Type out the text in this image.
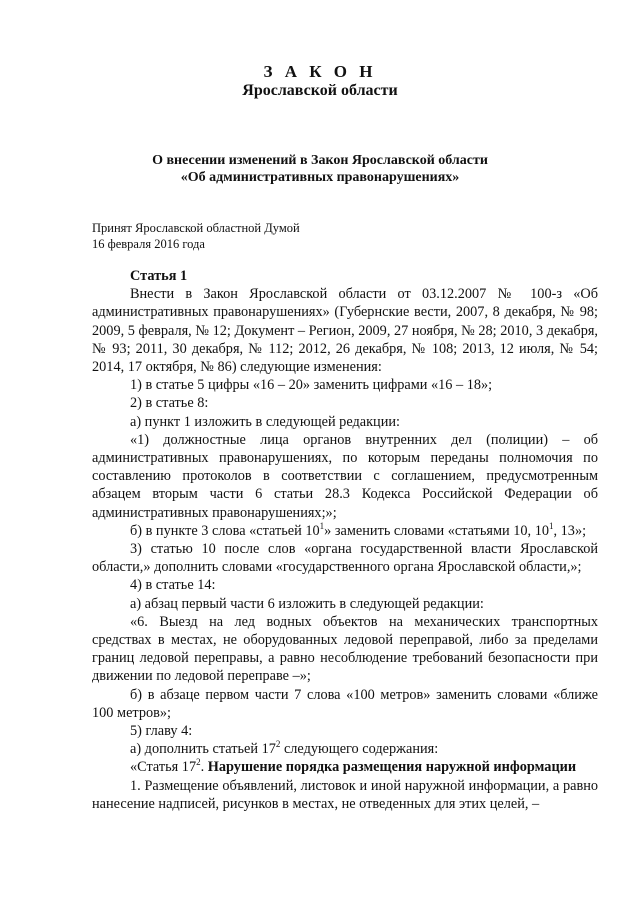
З А К О Н
Ярославской области
О внесении изменений в Закон Ярославской области
«Об административных правонарушениях»
Принят Ярославской областной Думой
16 февраля 2016 года

Статья 1

Внести в Закон Ярославской области от 03.12.2007 № 100-з «Об административных правонарушениях» (Губернские вести, 2007, 8 декабря, № 98; 2009, 5 февраля, № 12; Документ – Регион, 2009, 27 ноября, № 28; 2010, 3 декабря, № 93; 2011, 30 декабря, № 112; 2012, 26 декабря, № 108; 2013, 12 июля, № 54; 2014, 17 октября, № 86) следующие изменения:

1) в статье 5 цифры «16 – 20» заменить цифрами «16 – 18»;

2) в статье 8:

а) пункт 1 изложить в следующей редакции:

«1) должностные лица органов внутренних дел (полиции) – об административных правонарушениях, по которым переданы полномочия по составлению протоколов в соответствии с соглашением, предусмотренным абзацем вторым части 6 статьи 28.3 Кодекса Российской Федерации об административных правонарушениях;»;

б) в пункте 3 слова «статьей $10^1$» заменить словами «статьями 10, $10^1$, 13»;

3) статью 10 после слов «органа государственной власти Ярославской области,» дополнить словами «государственного органа Ярославской области,»;

4) в статье 14:

а) абзац первый части 6 изложить в следующей редакции:

«6. Выезд на лед водных объектов на механических транспортных средствах в местах, не оборудованных ледовой переправой, либо за пределами границ ледовой переправы, а равно несоблюдение требований безопасности при движении по ледовой переправе –»;

б) в абзаце первом части 7 слова «100 метров» заменить словами «ближе 100 метров»;

5) главу 4:

а) дополнить статьей $17^2$ следующего содержания:

«Статья $17^2$. Нарушение порядка размещения наружной информации

1. Размещение объявлений, листовок и иной наружной информации, а равно нанесение надписей, рисунков в местах, не отведенных для этих целей, –
